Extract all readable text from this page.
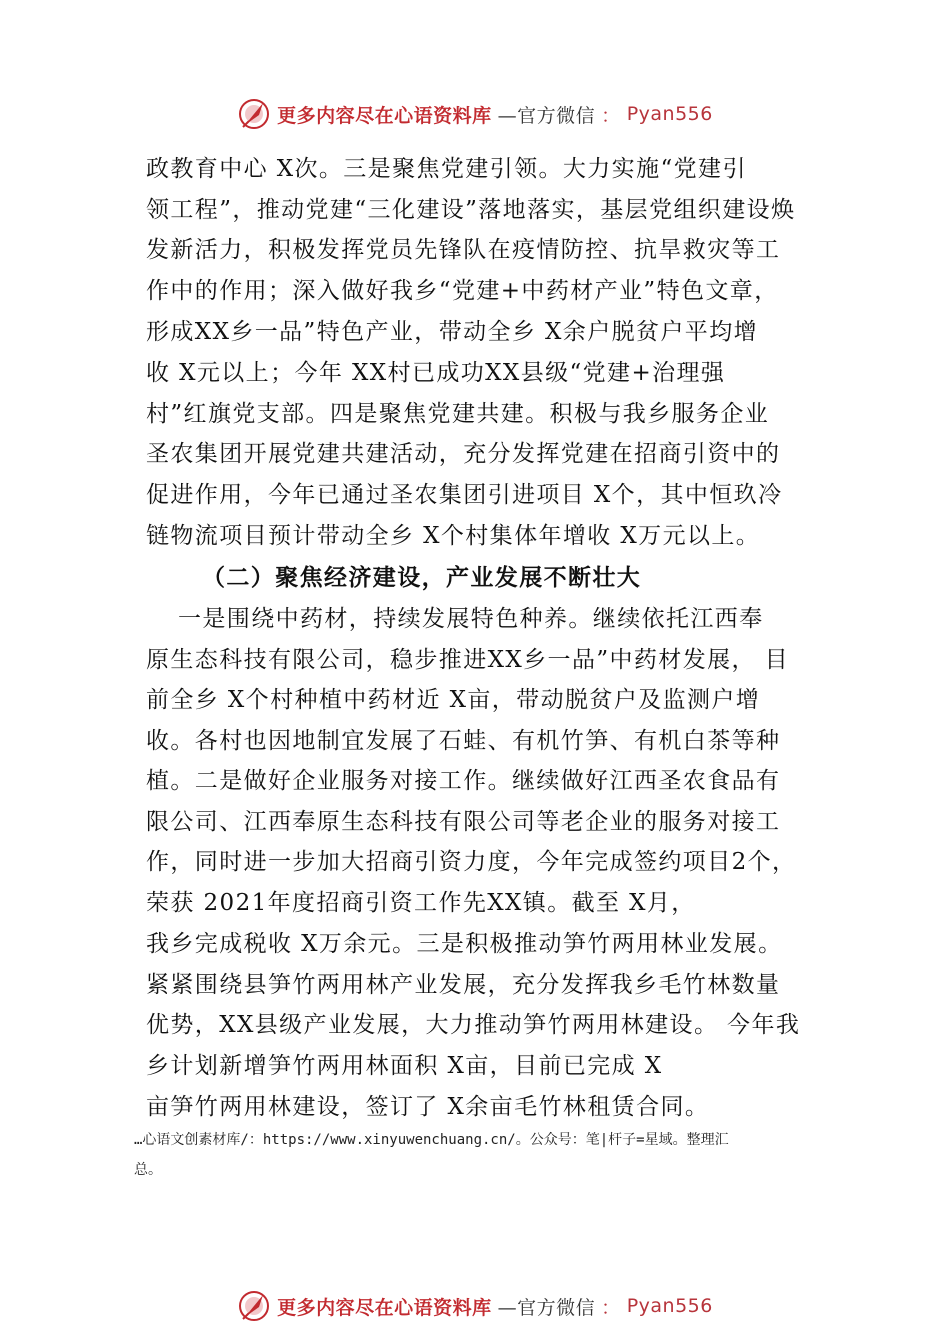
更多内容尽在心语资料库 —官方微信 ： Pyan556
政教育中心 X次。三是聚焦党建引领。大力实施“党建引
领工程”，推动党建“三化建设”落地落实，基层党组织建设焕
发新活力，积极发挥党员先锋队在疫情防控、抗旱救灾等工
作中的作用；深入做好我乡“党建+中药材产业”特色文章，
形成XX乡一品”特色产业，带动全乡 X余户脱贫户平均增
收 X元以上；今年 XX村已成功XX县级“党建+治理强
村”红旗党支部。四是聚焦党建共建。积极与我乡服务企业
圣农集团开展党建共建活动，充分发挥党建在招商引资中的
促进作用，今年已通过圣农集团引进项目 X个，其中恒玖冷
链物流项目预计带动全乡 X个村集体年增收 X万元以上。
（二）聚焦经济建设，产业发展不断壮大
一是围绕中药材，持续发展特色种养。继续依托江西奉
原生态科技有限公司，稳步推进XX乡一品”中药材发展， 目
前全乡 X个村种植中药材近 X亩，带动脱贫户及监测户增
收。各村也因地制宜发展了石蛙、有机竹笋、有机白茶等种
植。二是做好企业服务对接工作。继续做好江西圣农食品有
限公司、江西奉原生态科技有限公司等老企业的服务对接工
作，同时进一步加大招商引资力度，今年完成签约项目2个，
荣获 2021年度招商引资工作先XX镇。截至 X月，
我乡完成税收 X万余元。三是积极推动笋竹两用林业发展。
紧紧围绕县笋竹两用林产业发展，充分发挥我乡毛竹林数量
优势，XX县级产业发展，大力推动笋竹两用林建设。 今年我
乡计划新增笋竹两用林面积 X亩，目前已完成 X
亩笋竹两用林建设，签订了 X余亩毛竹林租赁合同。
…心语文创素材库/：https://www.xinyuwenchuang.cn/。公众号：笔|杆子=星域。整理汇
总。
更多内容尽在心语资料库 —官方微信 ： Pyan556
